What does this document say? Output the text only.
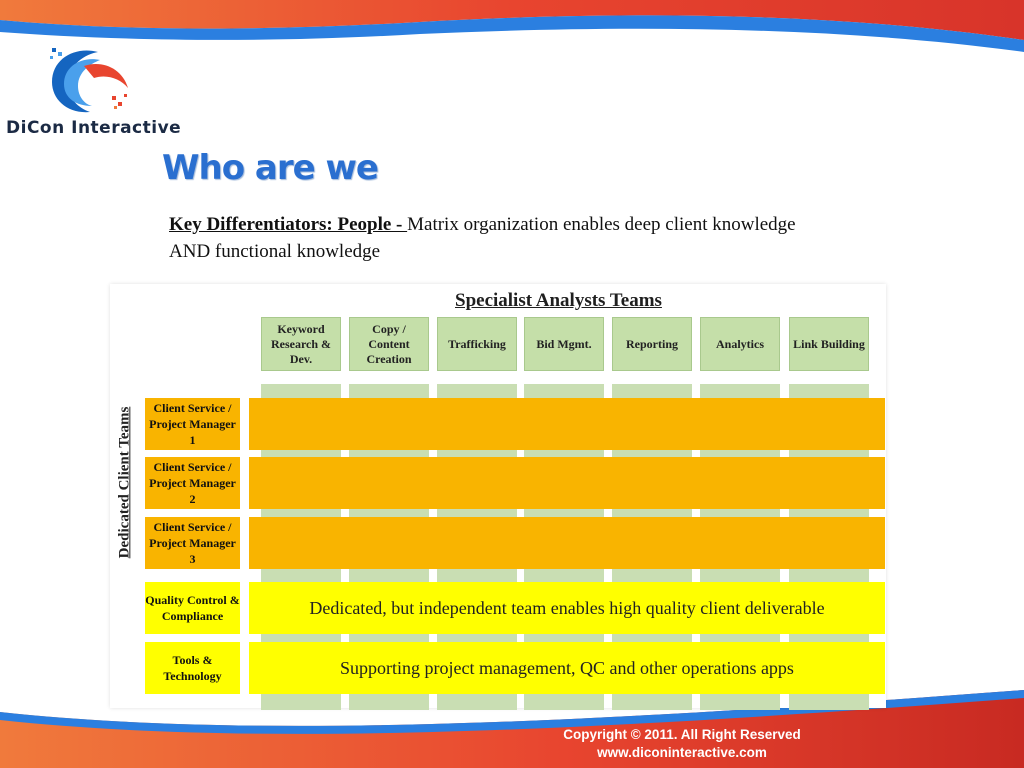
DiCon Interactive
Who are we

Key Differentiators: People - Matrix organization enables deep client knowledge AND functional knowledge

Specialist Analysts Teams
Keyword Research & Dev.
Copy / Content Creation
Trafficking	Bid Mgmt.	Reporting	Analytics	Link Building
Dedicated Client Teams	Client Service / Project Manager 1
Client Service / Project Manager 2
Client Service / Project Manager 3
Quality Control & Compliance	Dedicated, but independent team enables high quality client deliverable
Tools & Technology	Supporting project management, QC and other operations apps
Copyright © 2011. All Right Reserved
www.diconinteractive.com
